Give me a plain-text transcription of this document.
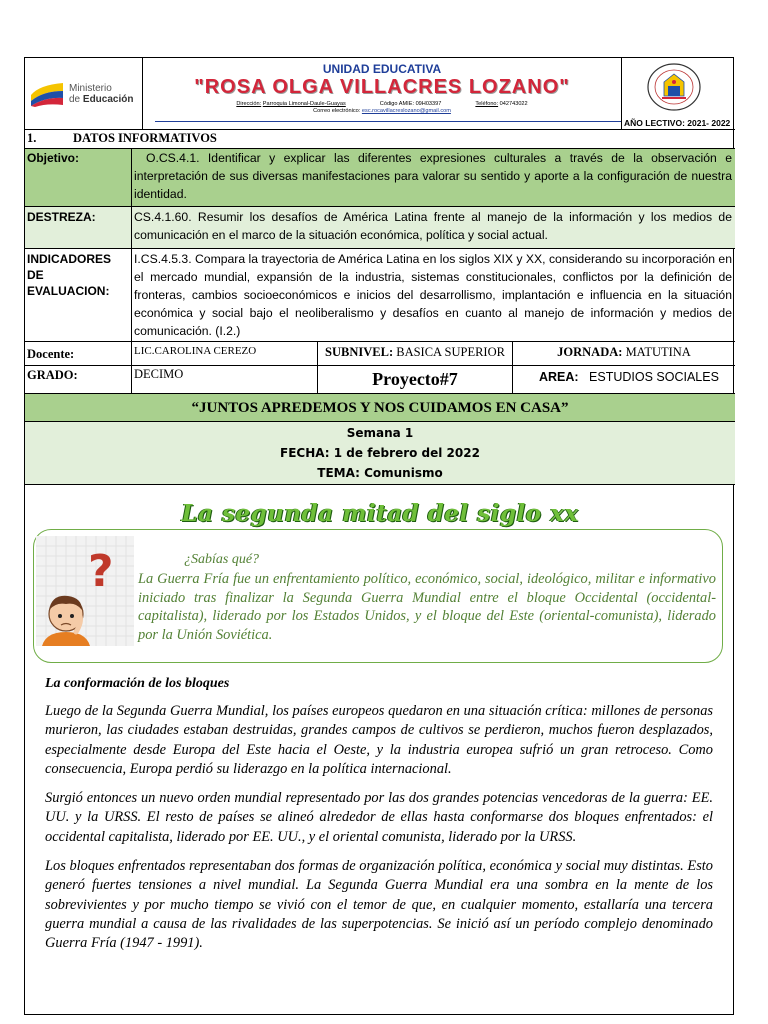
Ministerio
de Educación
UNIDAD EDUCATIVA
"ROSA OLGA VILLACRES LOZANO"
Dirección: Parroquia Limonal-Daule-Guayas	Código AMIE: 09H03397	Teléfono: 042743022
Correo electrónico: esc.rocavillacreslozano@gmail.com
AÑO LECTIVO: 2021- 2022
1.	DATOS INFORMATIVOS
Objetivo:	O.CS.4.1. Identificar y explicar las diferentes expresiones culturales a través de la observación e interpretación de sus diversas manifestaciones para valorar su sentido y aporte a la configuración de nuestra identidad.
DESTREZA:	CS.4.1.60. Resumir los desafíos de América Latina frente al manejo de la información y los medios de comunicación en el marco de la situación económica, política y social actual.
INDICADORES DE EVALUACION:
I.CS.4.5.3. Compara la trayectoria de América Latina en los siglos XIX y XX, considerando su incorporación en el mercado mundial, expansión de la industria, sistemas constitucionales, conflictos por la definición de fronteras, cambios socioeconómicos e inicios del desarrollismo, implantación e influencia en la situación económica y social bajo el neoliberalismo y desafíos en cuanto al manejo de información y medios de comunicación. (I.2.)
Docente:	LIC.CAROLINA CEREZO	SUBNIVEL: BASICA SUPERIOR	JORNADA: MATUTINA
GRADO:	DECIMO	Proyecto#7	AREA: ESTUDIOS SOCIALES
“JUNTOS APREDEMOS Y NOS CUIDAMOS EN CASA”
Semana 1
FECHA: 1 de febrero del 2022
TEMA: Comunismo
La segunda mitad del siglo xx
?	¿Sabías qué?
La Guerra Fría fue un enfrentamiento político, económico, social, ideológico, militar e informativo iniciado tras finalizar la Segunda Guerra Mundial entre el bloque Occidental (occidental-capitalista), liderado por los Estados Unidos, y el bloque del Este (oriental-comunista), liderado por la Unión Soviética.
La conformación de los bloques
Luego de la Segunda Guerra Mundial, los países europeos quedaron en una situación crítica: millones de personas murieron, las ciudades estaban destruidas, grandes campos de cultivos se perdieron, muchos fueron desplazados, especialmente desde Europa del Este hacia el Oeste, y la industria europea sufrió un gran retroceso. Como consecuencia, Europa perdió su liderazgo en la política internacional.
Surgió entonces un nuevo orden mundial representado por las dos grandes potencias vencedoras de la guerra: EE. UU. y la URSS. El resto de países se alineó alrededor de ellas hasta conformarse dos bloques enfrentados: el occidental capitalista, liderado por EE. UU., y el oriental comunista, liderado por la URSS.
Los bloques enfrentados representaban dos formas de organización política, económica y social muy distintas. Esto generó fuertes tensiones a nivel mundial. La Segunda Guerra Mundial era una sombra en la mente de los sobrevivientes y por mucho tiempo se vivió con el temor de que, en cualquier momento, estallaría una tercera guerra mundial a causa de las rivalidades de las superpotencias. Se inició así un período complejo denominado Guerra Fría (1947 - 1991).
